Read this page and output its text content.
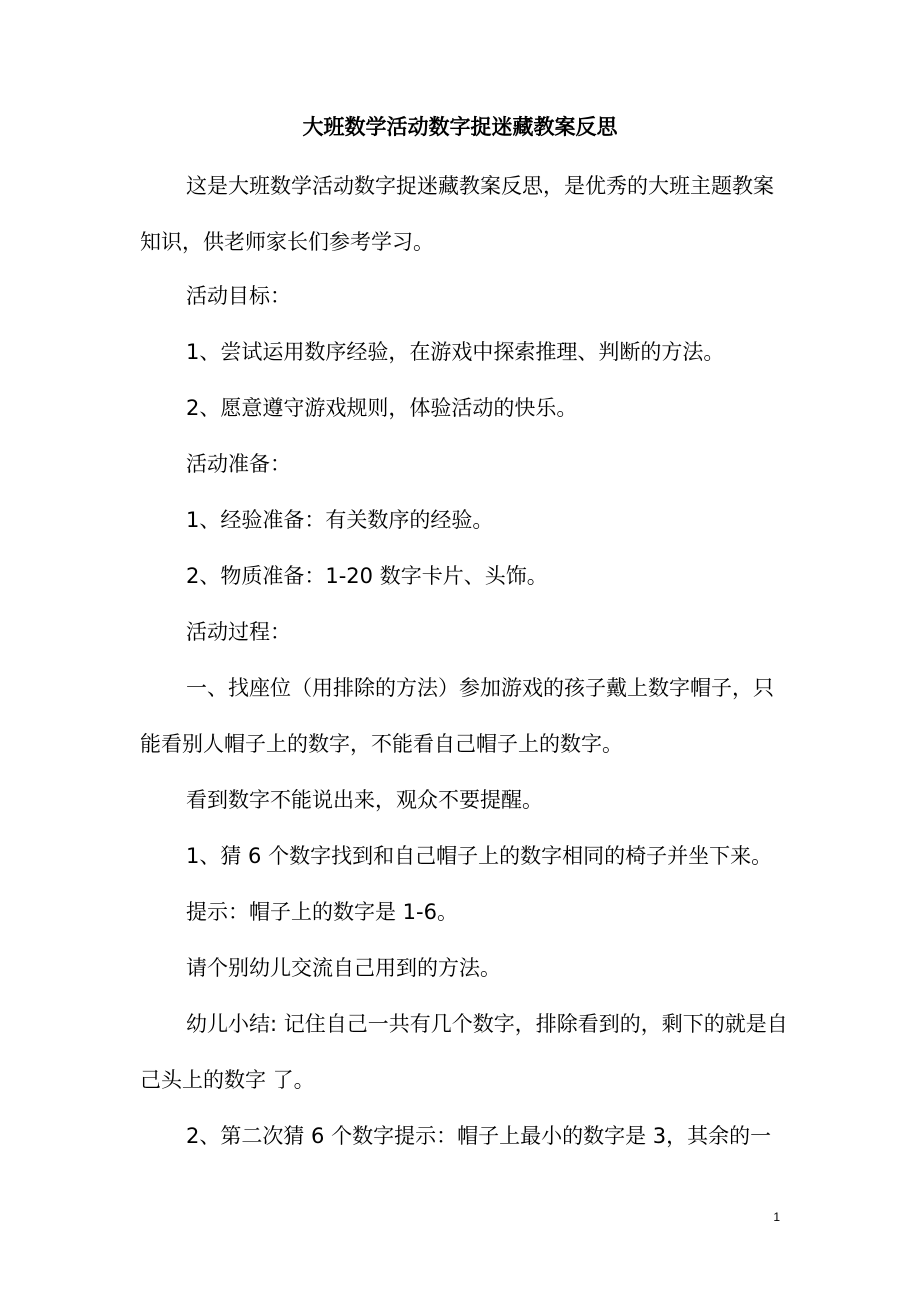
大班数学活动数字捉迷藏教案反思
这是大班数学活动数字捉迷藏教案反思，是优秀的大班主题教案知识，供老师家长们参考学习。
活动目标：
1、尝试运用数序经验，在游戏中探索推理、判断的方法。
2、愿意遵守游戏规则，体验活动的快乐。
活动准备：
1、经验准备：有关数序的经验。
2、物质准备：1-20 数字卡片、头饰。
活动过程：
一、找座位（用排除的方法）参加游戏的孩子戴上数字帽子，只能看别人帽子上的数字，不能看自己帽子上的数字。
看到数字不能说出来，观众不要提醒。
1、猜 6 个数字找到和自己帽子上的数字相同的椅子并坐下来。
提示：帽子上的数字是 1-6。
请个别幼儿交流自己用到的方法。
幼儿小结: 记住自己一共有几个数字，排除看到的，剩下的就是自己头上的数字 了。
2、第二次猜 6 个数字提示：帽子上最小的数字是 3，其余的一
1
